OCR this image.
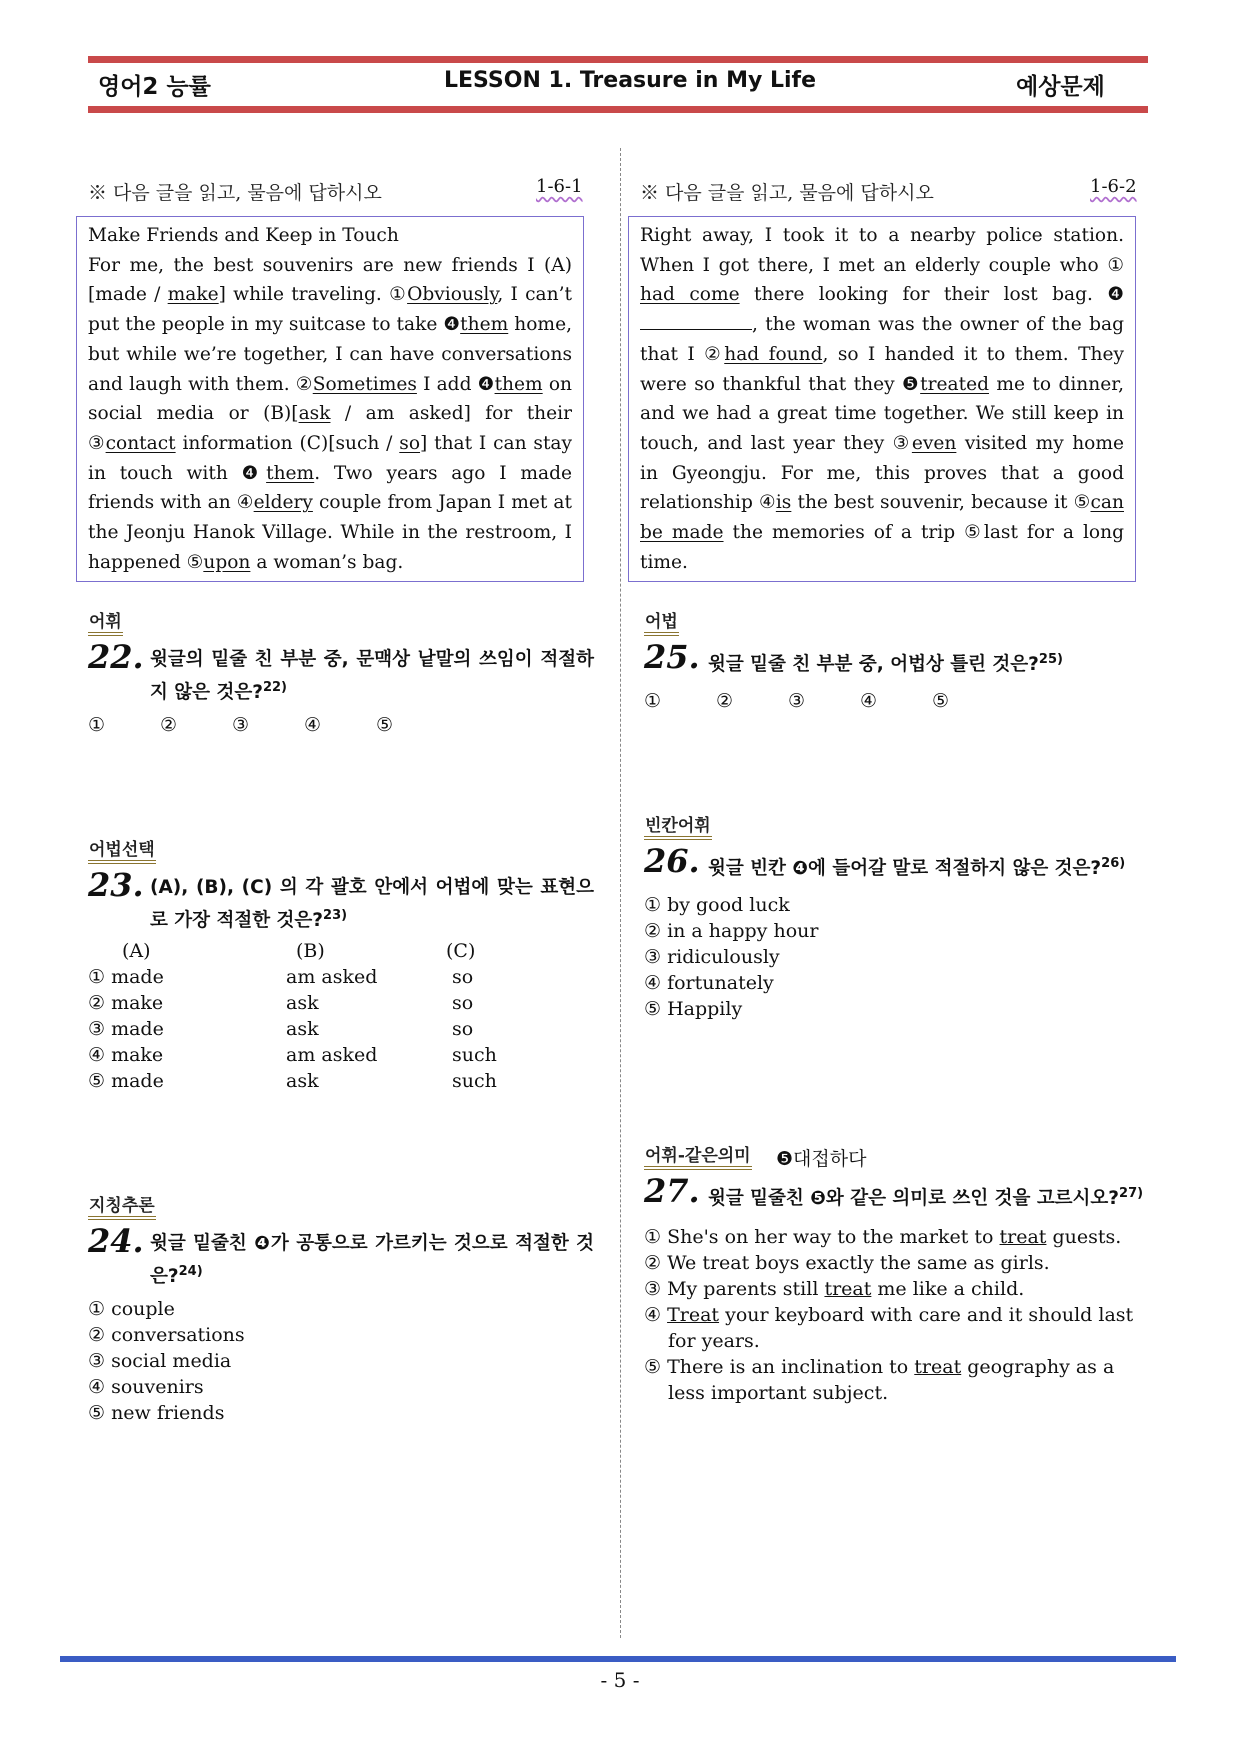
영어2 능률	LESSON 1. Treasure in My Life	예상문제
※ 다음 글을 읽고, 물음에 답하시오	1-6-1
Make Friends and Keep in Touch
For me, the best souvenirs are new friends I (A)[made / make] while traveling. ①Obviously, I can’t put the people in my suitcase to take ❹them home, but while we’re together, I can have conversations and laugh with them. ②Sometimes I add ❹them on social media or (B)[ask / am asked] for their ③contact information (C)[such / so] that I can stay in touch with ❹them. Two years ago I made friends with an ④eldery couple from Japan I met at the Jeonju Hanok Village. While in the restroom, I happened ⑤upon a woman’s bag.
※ 다음 글을 읽고, 물음에 답하시오	1-6-2
Right away, I took it to a nearby police station. When I got there, I met an elderly couple who ① had come there looking for their lost bag. ❹ , the woman was the owner of the bag that I ②had found, so I handed it to them. They were so thankful that they ❺treated me to dinner, and we had a great time together. We still keep in touch, and last year they ③even visited my home in Gyeongju. For me, this proves that a good relationship ④is the best souvenir, because it ⑤can be made the memories of a trip ⑤last for a long time.
어휘
22. 윗글의 밑줄 친 부분 중, 문맥상 낱말의 쓰임이 적절하지 않은 것은?$^{22)}$
①	②	③	④	⑤
어법선택
23. (A), (B), (C) 의 각 괄호 안에서 어법에 맞는 표현으로 가장 적절한 것은?$^{23)}$
(A)	(B)	(C)
① made	am asked	so
② make	ask	so
③ made	ask	so
④ make	am asked	such
⑤ made	ask	such
지칭추론
24. 윗글 밑줄친 ❹가 공통으로 가르키는 것으로 적절한 것은?$^{24)}$
① couple
② conversations
③ social media
④ souvenirs
⑤ new friends
어법
25. 윗글 밑줄 친 부분 중, 어법상 틀린 것은?$^{25)}$
①	②	③	④	⑤
빈칸어휘
26. 윗글 빈칸 ❹에 들어갈 말로 적절하지 않은 것은?$^{26)}$
① by good luck
② in a happy hour
③ ridiculously
④ fortunately
⑤ Happily
어휘-같은의미 ❺대접하다
27. 윗글 밑줄친 ❺와 같은 의미로 쓰인 것을 고르시오?$^{27)}$
① She's on her way to the market to treat guests.
② We treat boys exactly the same as girls.
③ My parents still treat me like a child.
④ Treat your keyboard with care and it should last for years.
⑤ There is an inclination to treat geography as a less important subject.
- 5 -
